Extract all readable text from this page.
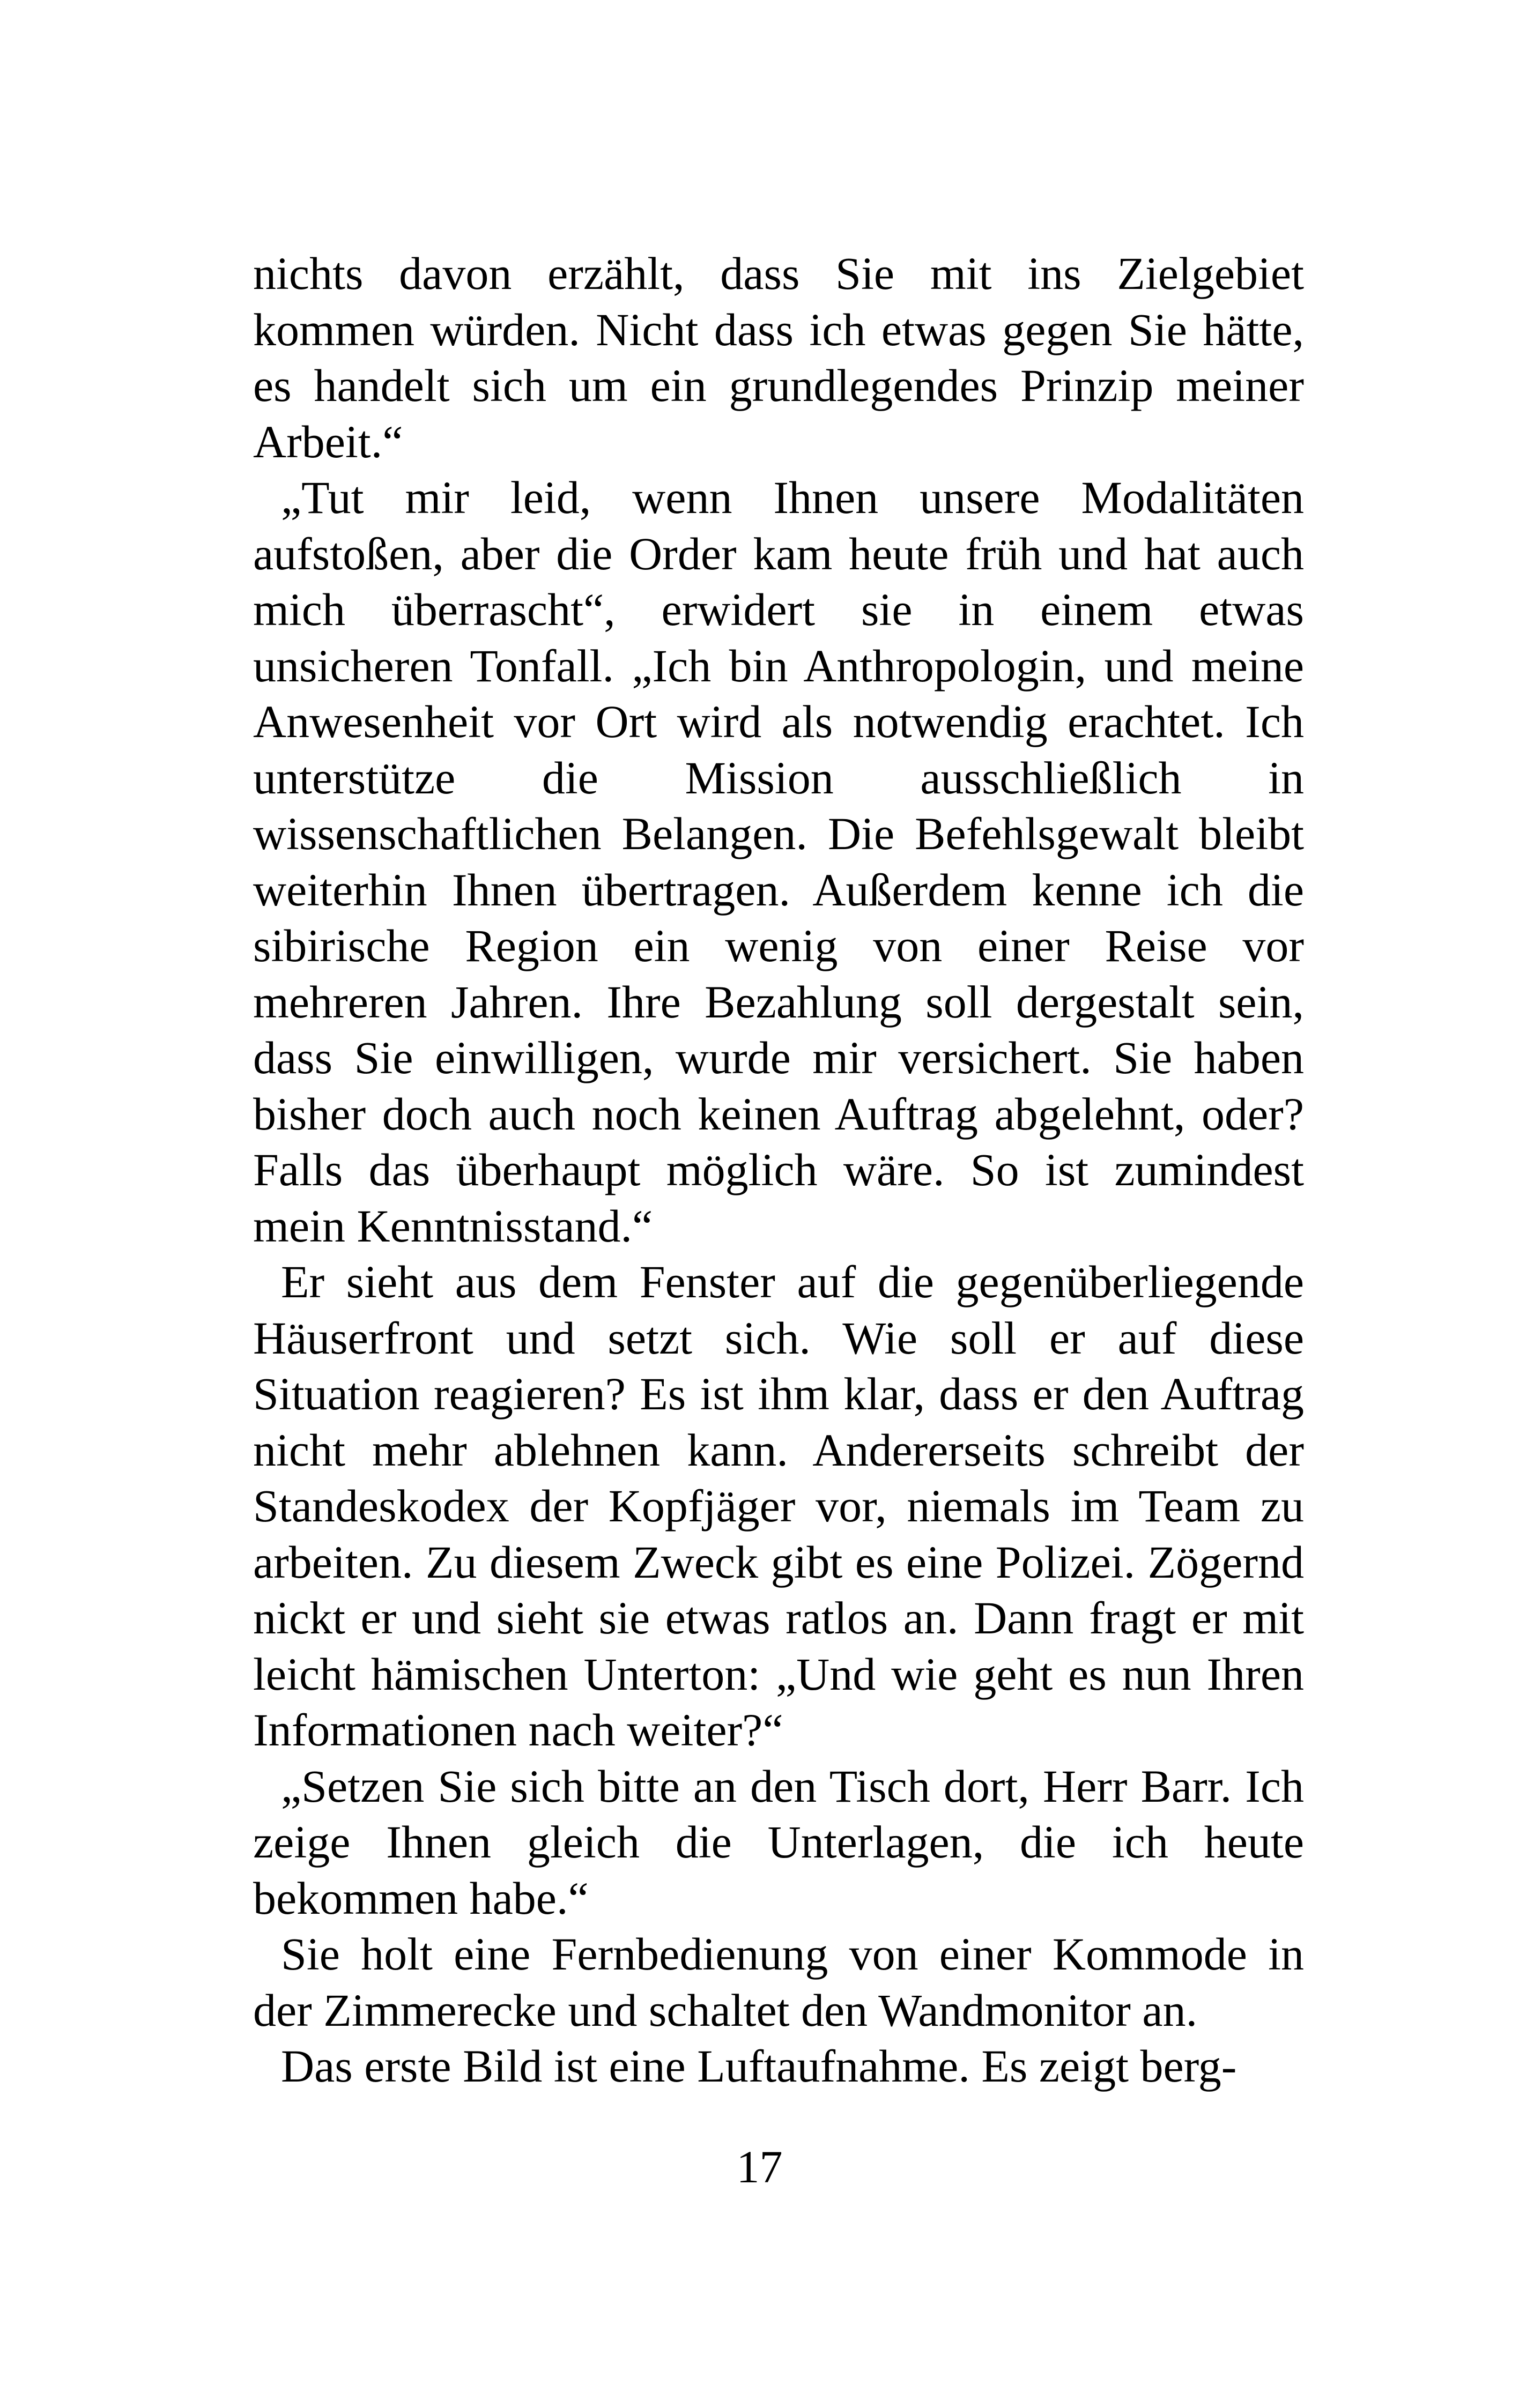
nichts davon erzählt, dass Sie mit ins Zielgebiet kommen würden. Nicht dass ich etwas gegen Sie hätte, es handelt sich um ein grundlegendes Prinzip meiner Arbeit.“

„Tut mir leid, wenn Ihnen unsere Modalitäten aufstoßen, aber die Order kam heute früh und hat auch mich überrascht“, erwidert sie in einem etwas unsicheren Tonfall. „Ich bin Anthropologin, und meine Anwesenheit vor Ort wird als notwendig erachtet. Ich unterstütze die Mission ausschließlich in wissenschaftlichen Belangen. Die Befehlsgewalt bleibt weiterhin Ihnen übertragen. Außerdem kenne ich die sibirische Region ein wenig von einer Reise vor mehreren Jahren. Ihre Bezahlung soll dergestalt sein, dass Sie einwilligen, wurde mir versichert. Sie haben bisher doch auch noch keinen Auftrag abgelehnt, oder? Falls das überhaupt möglich wäre. So ist zumindest mein Kenntnisstand.“

Er sieht aus dem Fenster auf die gegenüberliegende Häuserfront und setzt sich. Wie soll er auf diese Situation reagieren? Es ist ihm klar, dass er den Auftrag nicht mehr ablehnen kann. Andererseits schreibt der Standeskodex der Kopfjäger vor, niemals im Team zu arbeiten. Zu diesem Zweck gibt es eine Polizei. Zögernd nickt er und sieht sie etwas ratlos an. Dann fragt er mit leicht hämischen Unterton: „Und wie geht es nun Ihren Informationen nach weiter?“

„Setzen Sie sich bitte an den Tisch dort, Herr Barr. Ich zeige Ihnen gleich die Unterlagen, die ich heute bekommen habe.“

Sie holt eine Fernbedienung von einer Kommode in der Zimmerecke und schaltet den Wandmonitor an.

Das erste Bild ist eine Luftaufnahme. Es zeigt berg-

17
